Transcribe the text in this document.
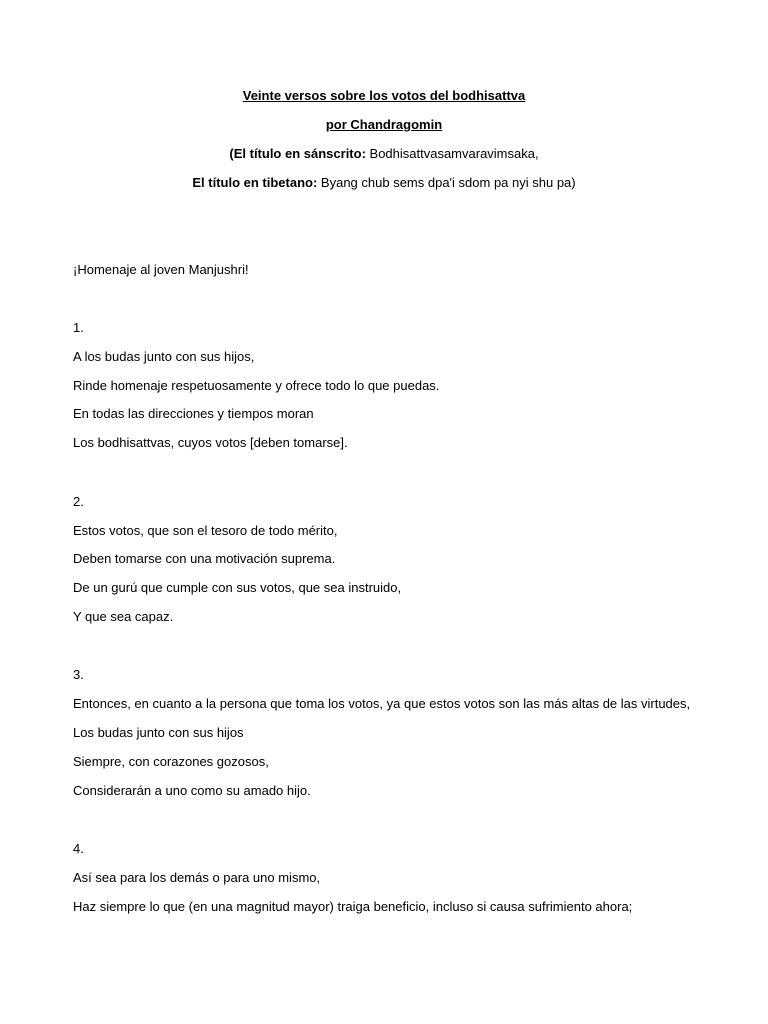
Veinte versos sobre los votos del bodhisattva
por Chandragomin
(El título en sánscrito: Bodhisattvasamvaravimsaka,
El título en tibetano: Byang chub sems dpa'i sdom pa nyi shu pa)
¡Homenaje al joven Manjushri!
1.
A los budas junto con sus hijos,
Rinde homenaje respetuosamente y ofrece todo lo que puedas.
En todas las direcciones y tiempos moran
Los bodhisattvas, cuyos votos [deben tomarse].
2.
Estos votos, que son el tesoro de todo mérito,
Deben tomarse con una motivación suprema.
De un gurú que cumple con sus votos, que sea instruido,
Y que sea capaz.
3.
Entonces, en cuanto a la persona que toma los votos, ya que estos votos son las más altas de las virtudes,
Los budas junto con sus hijos
Siempre, con corazones gozosos,
Considerarán a uno como su amado hijo.
4.
Así sea para los demás o para uno mismo,
Haz siempre lo que (en una magnitud mayor) traiga beneficio, incluso si causa sufrimiento ahora;
